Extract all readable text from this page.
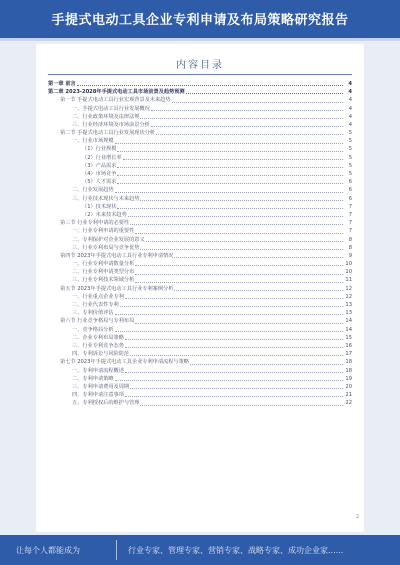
手提式电动工具企业专利申请及布局策略研究报告
内容目录
第一章 前言	4
第二章 2023-2028年手提式电动工具市场前景及趋势预测	4
第一节 手提式电动工具行业宏观背景及未来趋势	4
一、手提式电动工具行业发展概况	4
二、行业政策环境及法律法规	4
三、行业经济环境及市场前景分析	4
第二节 手提式电动工具行业发展现状分析	5
一、行业市场规模	5
（1）行业规模	5
（2）行业增长率	5
（3）产品需求	5
（4）市场竞争	5
（5）人才需求	6
二、行业发展趋势	6
三、行业技术现状与未来趋势	6
（1）技术现状	7
（2）未来技术趋势	7
第三节 行业专利申请的必要性	7
一、行业专利申请的重要性	7
二、专利保护对企业发展的意义	8
三、行业专利布局与竞争优势	8
第四节 2023年手提式电动工具行业专利申请情况	9
一、行业专利申请数量分析	10
二、行业专利申请类型分布	10
三、行业专利技术领域分析	11
第五节 2023年手提式电动工具行业专利案例分析	12
一、行业重点企业专利	12
二、行业代表性专利	13
三、专利价值评估	13
第六节 行业竞争格局与专利布局	14
一、竞争格局分析	14
二、企业专利布局策略	15
三、行业专利竞争态势	16
四、专利诉讼与风险防范	17
第七节 2023年手提式电动工具企业专利申请流程与策略	18
一、专利申请流程概述	18
二、专利申请策略	19
三、专利申请费用及周期	20
四、专利申请注意事项	21
五、专利授权后的维护与管理	22
2
让每个人都能成为	行业专家、管理专家、营销专家、战略专家、成功企业家......
